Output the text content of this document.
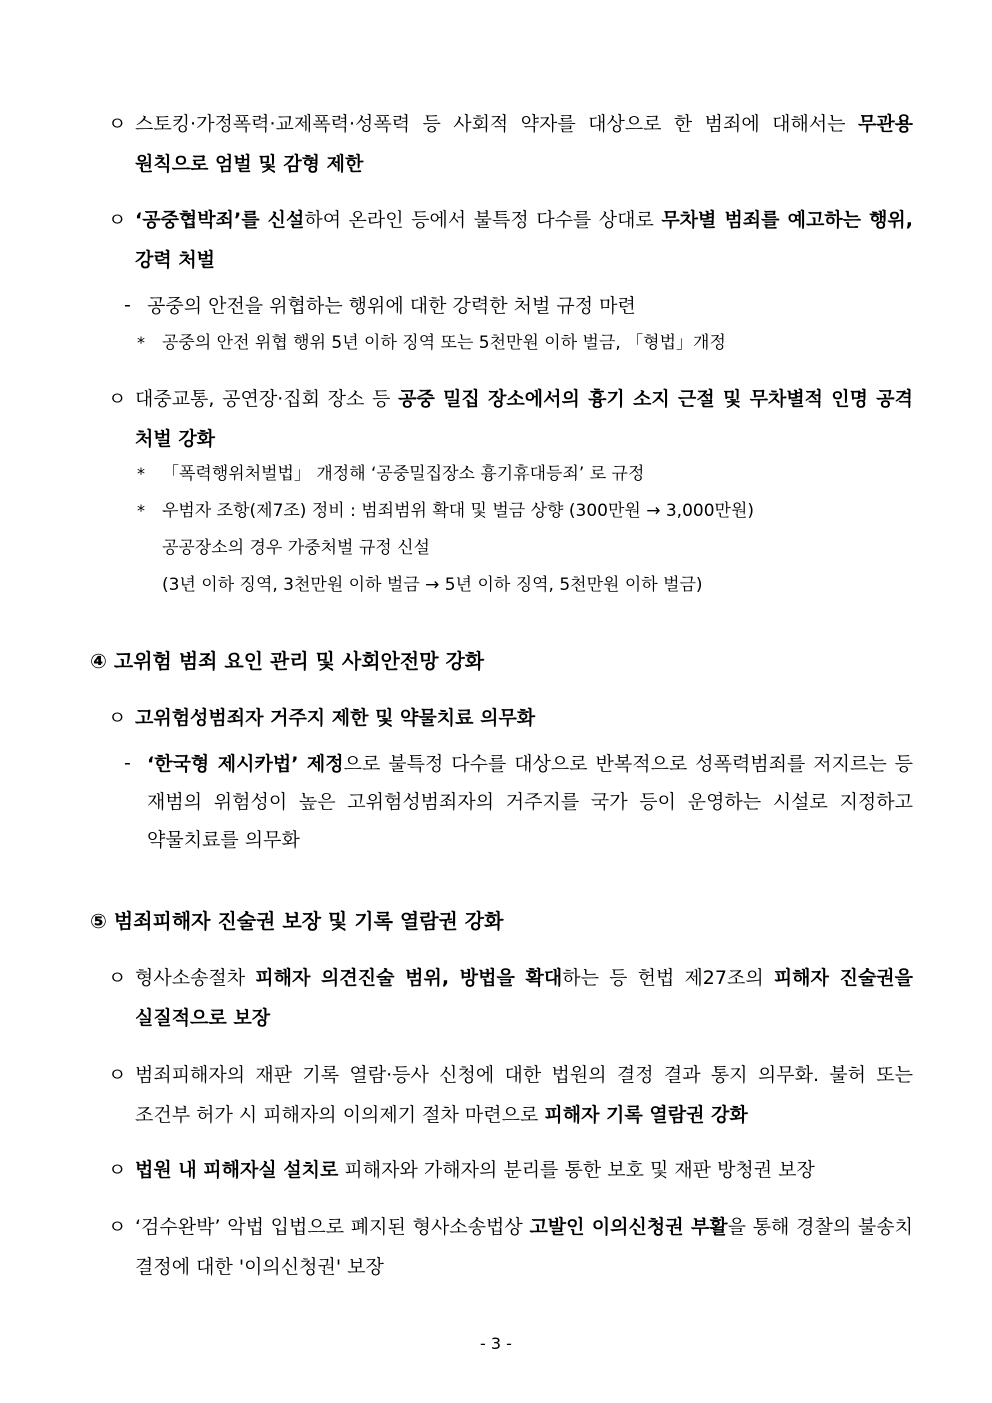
ㅇ 스토킹·가정폭력·교제폭력·성폭력 등 사회적 약자를 대상으로 한 범죄에 대해서는 무관용 원칙으로 엄벌 및 감형 제한
ㅇ ‘공중협박죄’를 신설하여 온라인 등에서 불특정 다수를 상대로 무차별 범죄를 예고하는 행위, 강력 처벌
- 공중의 안전을 위협하는 행위에 대한 강력한 처벌 규정 마련
* 공중의 안전 위협 행위 5년 이하 징역 또는 5천만원 이하 벌금, 「형법」개정
ㅇ 대중교통, 공연장·집회 장소 등 공중 밀집 장소에서의 흉기 소지 근절 및 무차별적 인명 공격 처벌 강화
* 「폭력행위처벌법」 개정해 ‘공중밀집장소 흉기휴대등죄’ 로 규정
* 우범자 조항(제7조) 정비 : 범죄범위 확대 및 벌금 상향 (300만원 → 3,000만원)
공공장소의 경우 가중처벌 규정 신설
(3년 이하 징역, 3천만원 이하 벌금 → 5년 이하 징역, 5천만원 이하 벌금)
④ 고위험 범죄 요인 관리 및 사회안전망 강화
ㅇ 고위험성범죄자 거주지 제한 및 약물치료 의무화
- ‘한국형 제시카법’ 제정으로 불특정 다수를 대상으로 반복적으로 성폭력범죄를 저지르는 등 재범의 위험성이 높은 고위험성범죄자의 거주지를 국가 등이 운영하는 시설로 지정하고 약물치료를 의무화
⑤ 범죄피해자 진술권 보장 및 기록 열람권 강화
ㅇ 형사소송절차 피해자 의견진술 범위, 방법을 확대하는 등 헌법 제27조의 피해자 진술권을 실질적으로 보장
ㅇ 범죄피해자의 재판 기록 열람·등사 신청에 대한 법원의 결정 결과 통지 의무화. 불허 또는 조건부 허가 시 피해자의 이의제기 절차 마련으로 피해자 기록 열람권 강화
ㅇ 법원 내 피해자실 설치로 피해자와 가해자의 분리를 통한 보호 및 재판 방청권 보장
ㅇ ‘검수완박’ 악법 입법으로 폐지된 형사소송법상 고발인 이의신청권 부활을 통해 경찰의 불송치 결정에 대한 '이의신청권' 보장
- 3 -
